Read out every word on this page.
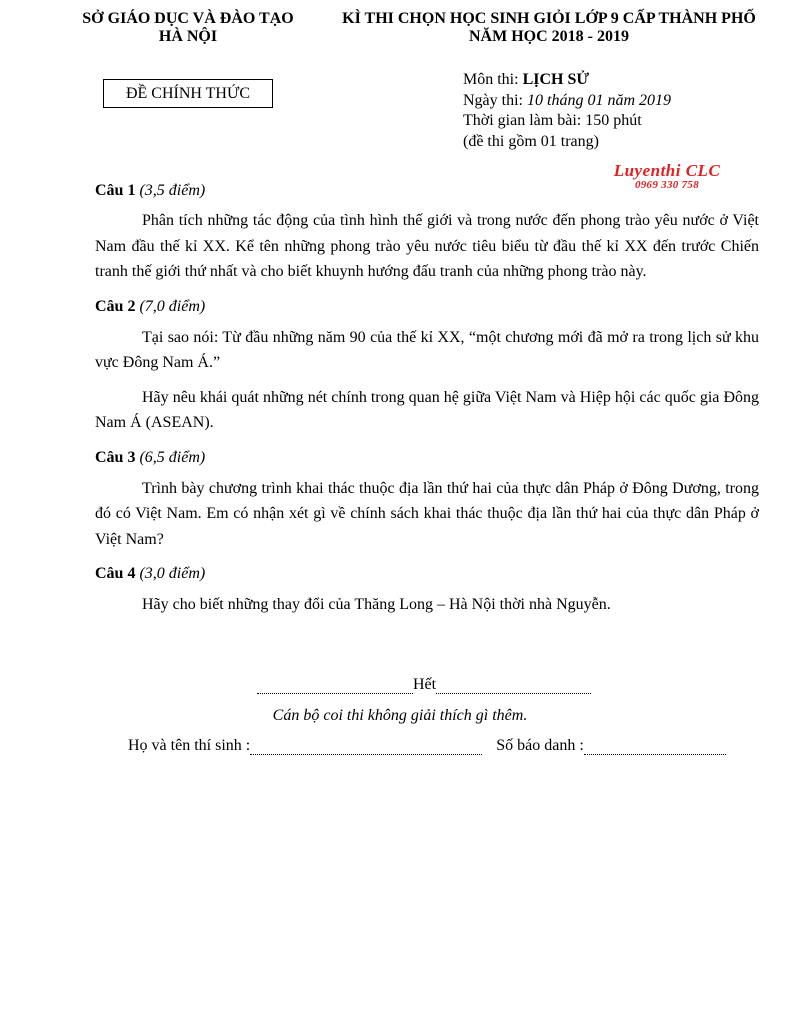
SỞ GIÁO DỤC VÀ ĐÀO TẠO
HÀ NỘI
KÌ THI CHỌN HỌC SINH GIỎI LỚP 9 CẤP THÀNH PHỐ
NĂM HỌC 2018 - 2019
ĐỀ CHÍNH THỨC
Môn thi: LỊCH SỬ
Ngày thi: 10 tháng 01 năm 2019
Thời gian làm bài: 150 phút
(đề thi gồm 01 trang)
Luyenthi CLC
0969 330 758
Câu 1 (3,5 điểm)

Phân tích những tác động của tình hình thế giới và trong nước đến phong trào yêu nước ở Việt Nam đầu thế kỉ XX. Kể tên những phong trào yêu nước tiêu biểu từ đầu thế kỉ XX đến trước Chiến tranh thế giới thứ nhất và cho biết khuynh hướng đấu tranh của những phong trào này.

Câu 2 (7,0 điểm)

Tại sao nói: Từ đầu những năm 90 của thế kỉ XX, “một chương mới đã mở ra trong lịch sử khu vực Đông Nam Á.”

Hãy nêu khái quát những nét chính trong quan hệ giữa Việt Nam và Hiệp hội các quốc gia Đông Nam Á (ASEAN).

Câu 3 (6,5 điểm)

Trình bày chương trình khai thác thuộc địa lần thứ hai của thực dân Pháp ở Đông Dương, trong đó có Việt Nam. Em có nhận xét gì về chính sách khai thác thuộc địa lần thứ hai của thực dân Pháp ở Việt Nam?

Câu 4 (3,0 điểm)

Hãy cho biết những thay đổi của Thăng Long – Hà Nội thời nhà Nguyễn.

Hết
Cán bộ coi thi không giải thích gì thêm.
Họ và tên thí sinh :	Số báo danh :
